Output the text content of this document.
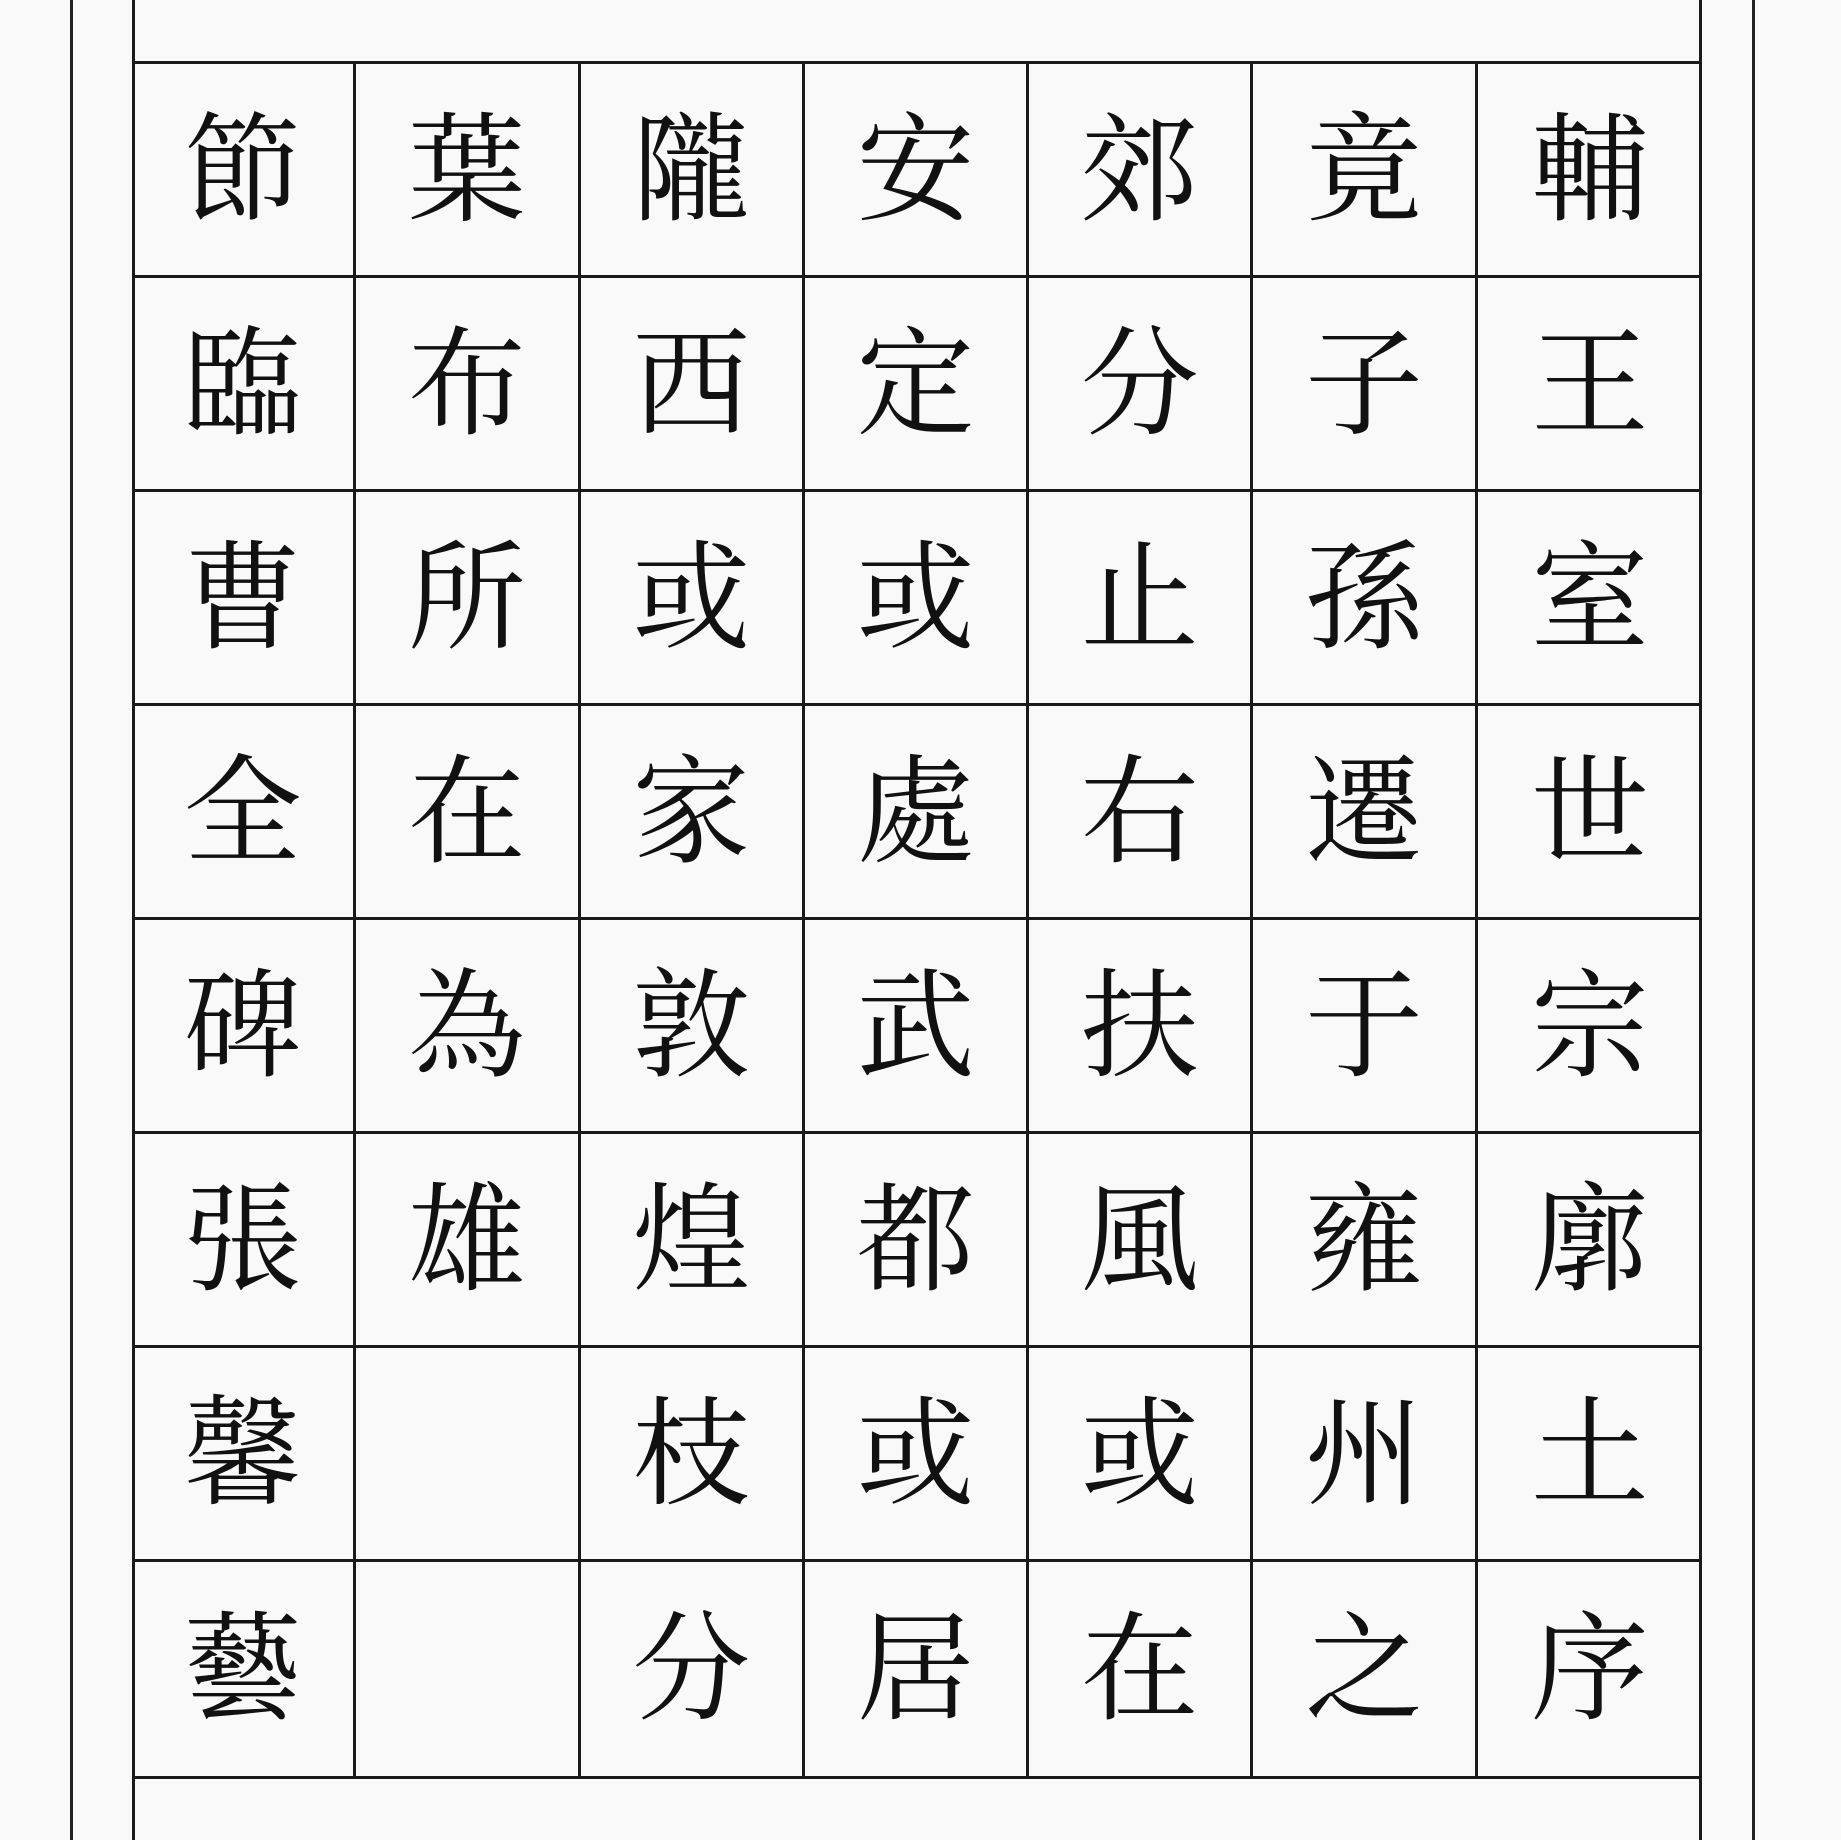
節 葉 隴 安 郊 竟 輔
臨 布 西 定 分 子 王
曹 所 或 或 止 孫 室
全 在 家 處 右 遷 世
碑 為 敦 武 扶 于 宗
張 雄 煌 都 風 雍 廓
馨	枝 或 或 州 土
藝	分 居 在 之 序
